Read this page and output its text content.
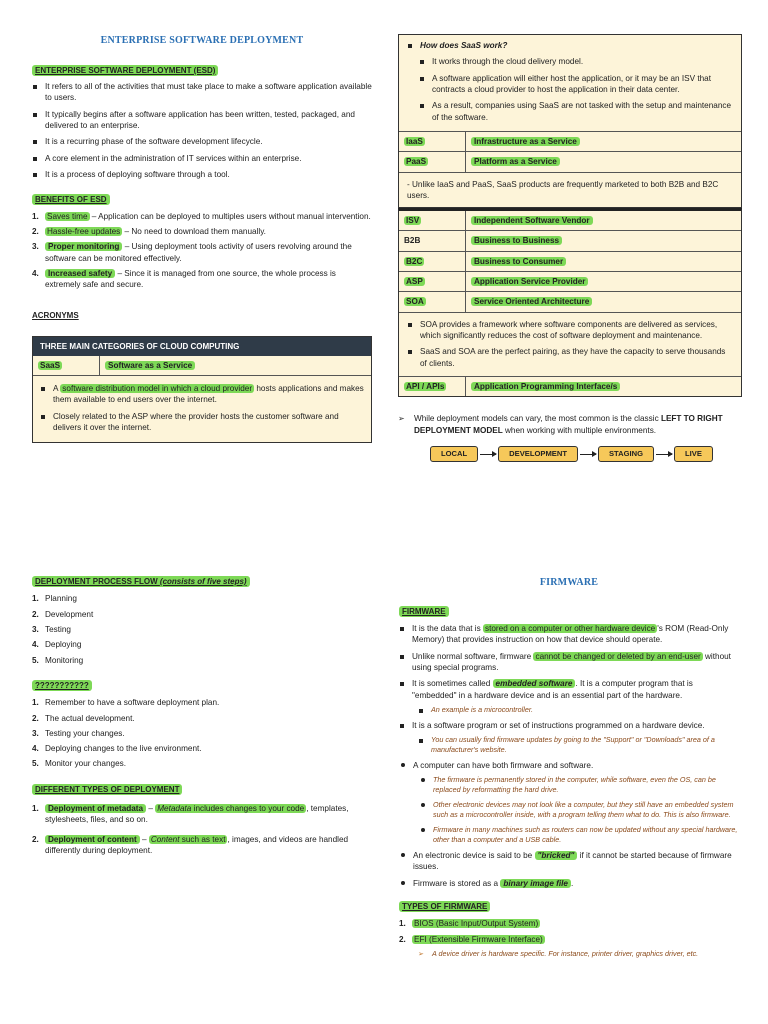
ENTERPRISE SOFTWARE DEPLOYMENT
ENTERPRISE SOFTWARE DEPLOYMENT (ESD)
It refers to all of the activities that must take place to make a software application available to users.
It typically begins after a software application has been written, tested, packaged, and delivered to an enterprise.
It is a recurring phase of the software development lifecycle.
A core element in the administration of IT services within an enterprise.
It is a process of deploying software through a tool.
BENEFITS OF ESD
1. Saves time – Application can be deployed to multiples users without manual intervention.
2. Hassle-free updates – No need to download them manually.
3. Proper monitoring – Using deployment tools activity of users revolving around the software can be monitored effectively.
4. Increased safety – Since it is managed from one source, the whole process is extremely safe and secure.
ACRONYMS
THREE MAIN CATEGORIES OF CLOUD COMPUTING
SaaS	Software as a Service
A software distribution model in which a cloud provider hosts applications and makes them available to end users over the internet.
Closely related to the ASP where the provider hosts the customer software and delivers it over the internet.
How does SaaS work?
It works through the cloud delivery model.
A software application will either host the application, or it may be an ISV that contracts a cloud provider to host the application in their data center.
As a result, companies using SaaS are not tasked with the setup and maintenance of the software.
IaaS	Infrastructure as a Service
PaaS	Platform as a Service
- Unlike IaaS and PaaS, SaaS products are frequently marketed to both B2B and B2C users.
ISV	Independent Software Vendor
B2B	Business to Business
B2C	Business to Consumer
ASP	Application Service Provider
SOA	Service Oriented Architecture
SOA provides a framework where software components are delivered as services, which significantly reduces the cost of software deployment and maintenance.
SaaS and SOA are the perfect pairing, as they have the capacity to serve thousands of clients.
API / APIs	Application Programming Interface/s
➢ While deployment models can vary, the most common is the classic LEFT TO RIGHT DEPLOYMENT MODEL when working with multiple environments.
LOCAL	DEVELOPMENT	STAGING	LIVE
DEPLOYMENT PROCESS FLOW (consists of five steps)
1. Planning
2. Development
3. Testing
4. Deploying
5. Monitoring
???????????
1. Remember to have a software deployment plan.
2. The actual development.
3. Testing your changes.
4. Deploying changes to the live environment.
5. Monitor your changes.
DIFFERENT TYPES OF DEPLOYMENT
1. Deployment of metadata – Metadata includes changes to your code , templates, stylesheets, files, and so on.
2. Deployment of content – Content such as text , images, and videos are handled differently during deployment.
FIRMWARE
FIRMWARE
It is the data that is stored on a computer or other hardware device 's ROM (Read-Only Memory) that provides instruction on how that device should operate.
Unlike normal software, firmware cannot be changed or deleted by an end-user without using special programs.
It is sometimes called embedded software . It is a computer program that is "embedded" in a hardware device and is an essential part of the hardware.
An example is a microcontroller.
It is a software program or set of instructions programmed on a hardware device.
You can usually find firmware updates by going to the "Support" or "Downloads" area of a manufacturer's website.
A computer can have both firmware and software.
The firmware is permanently stored in the computer, while software, even the OS, can be replaced by reformatting the hard drive.
Other electronic devices may not look like a computer, but they still have an embedded system such as a microcontroller inside, with a program telling them what to do. This is also firmware.
Firmware in many machines such as routers can now be updated without any special hardware, other than a computer and a USB cable.
An electronic device is said to be "bricked" if it cannot be started because of firmware issues.
Firmware is stored as a binary image file .
TYPES OF FIRMWARE
1. BIOS (Basic Input/Output System)
2. EFI (Extensible Firmware Interface)
➢ A device driver is hardware specific. For instance, printer driver, graphics driver, etc.
